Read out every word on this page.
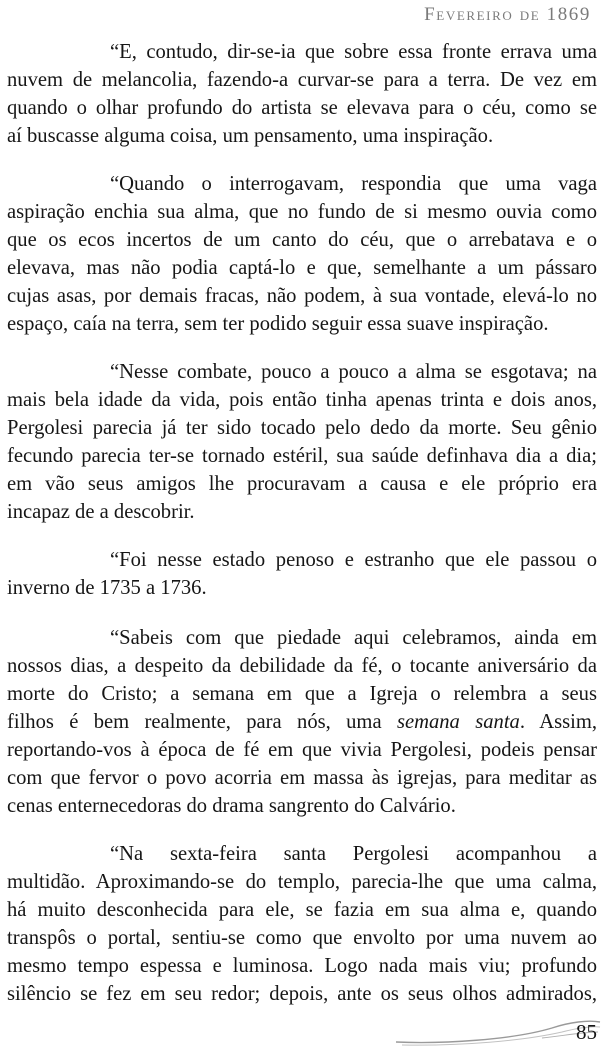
Fevereiro de 1869
“E, contudo, dir-se-ia que sobre essa fronte errava uma
nuvem de melancolia, fazendo-a curvar-se para a terra. De vez em
quando o olhar profundo do artista se elevava para o céu, como se
aí buscasse alguma coisa, um pensamento, uma inspiração.
“Quando o interrogavam, respondia que uma vaga
aspiração enchia sua alma, que no fundo de si mesmo ouvia como
que os ecos incertos de um canto do céu, que o arrebatava e o
elevava, mas não podia captá-lo e que, semelhante a um pássaro
cujas asas, por demais fracas, não podem, à sua vontade, elevá-lo no
espaço, caía na terra, sem ter podido seguir essa suave inspiração.
“Nesse combate, pouco a pouco a alma se esgotava; na
mais bela idade da vida, pois então tinha apenas trinta e dois anos,
Pergolesi parecia já ter sido tocado pelo dedo da morte. Seu gênio
fecundo parecia ter-se tornado estéril, sua saúde definhava dia a dia;
em vão seus amigos lhe procuravam a causa e ele próprio era
incapaz de a descobrir.
“Foi nesse estado penoso e estranho que ele passou o
inverno de 1735 a 1736.
“Sabeis com que piedade aqui celebramos, ainda em
nossos dias, a despeito da debilidade da fé, o tocante aniversário da
morte do Cristo; a semana em que a Igreja o relembra a seus
filhos é bem realmente, para nós, uma semana santa. Assim,
reportando-vos à época de fé em que vivia Pergolesi, podeis pensar
com que fervor o povo acorria em massa às igrejas, para meditar as
cenas enternecedoras do drama sangrento do Calvário.
“Na sexta-feira santa Pergolesi acompanhou a
multidão. Aproximando-se do templo, parecia-lhe que uma calma,
há muito desconhecida para ele, se fazia em sua alma e, quando
transpôs o portal, sentiu-se como que envolto por uma nuvem ao
mesmo tempo espessa e luminosa. Logo nada mais viu; profundo
silêncio se fez em seu redor; depois, ante os seus olhos admirados,
85
